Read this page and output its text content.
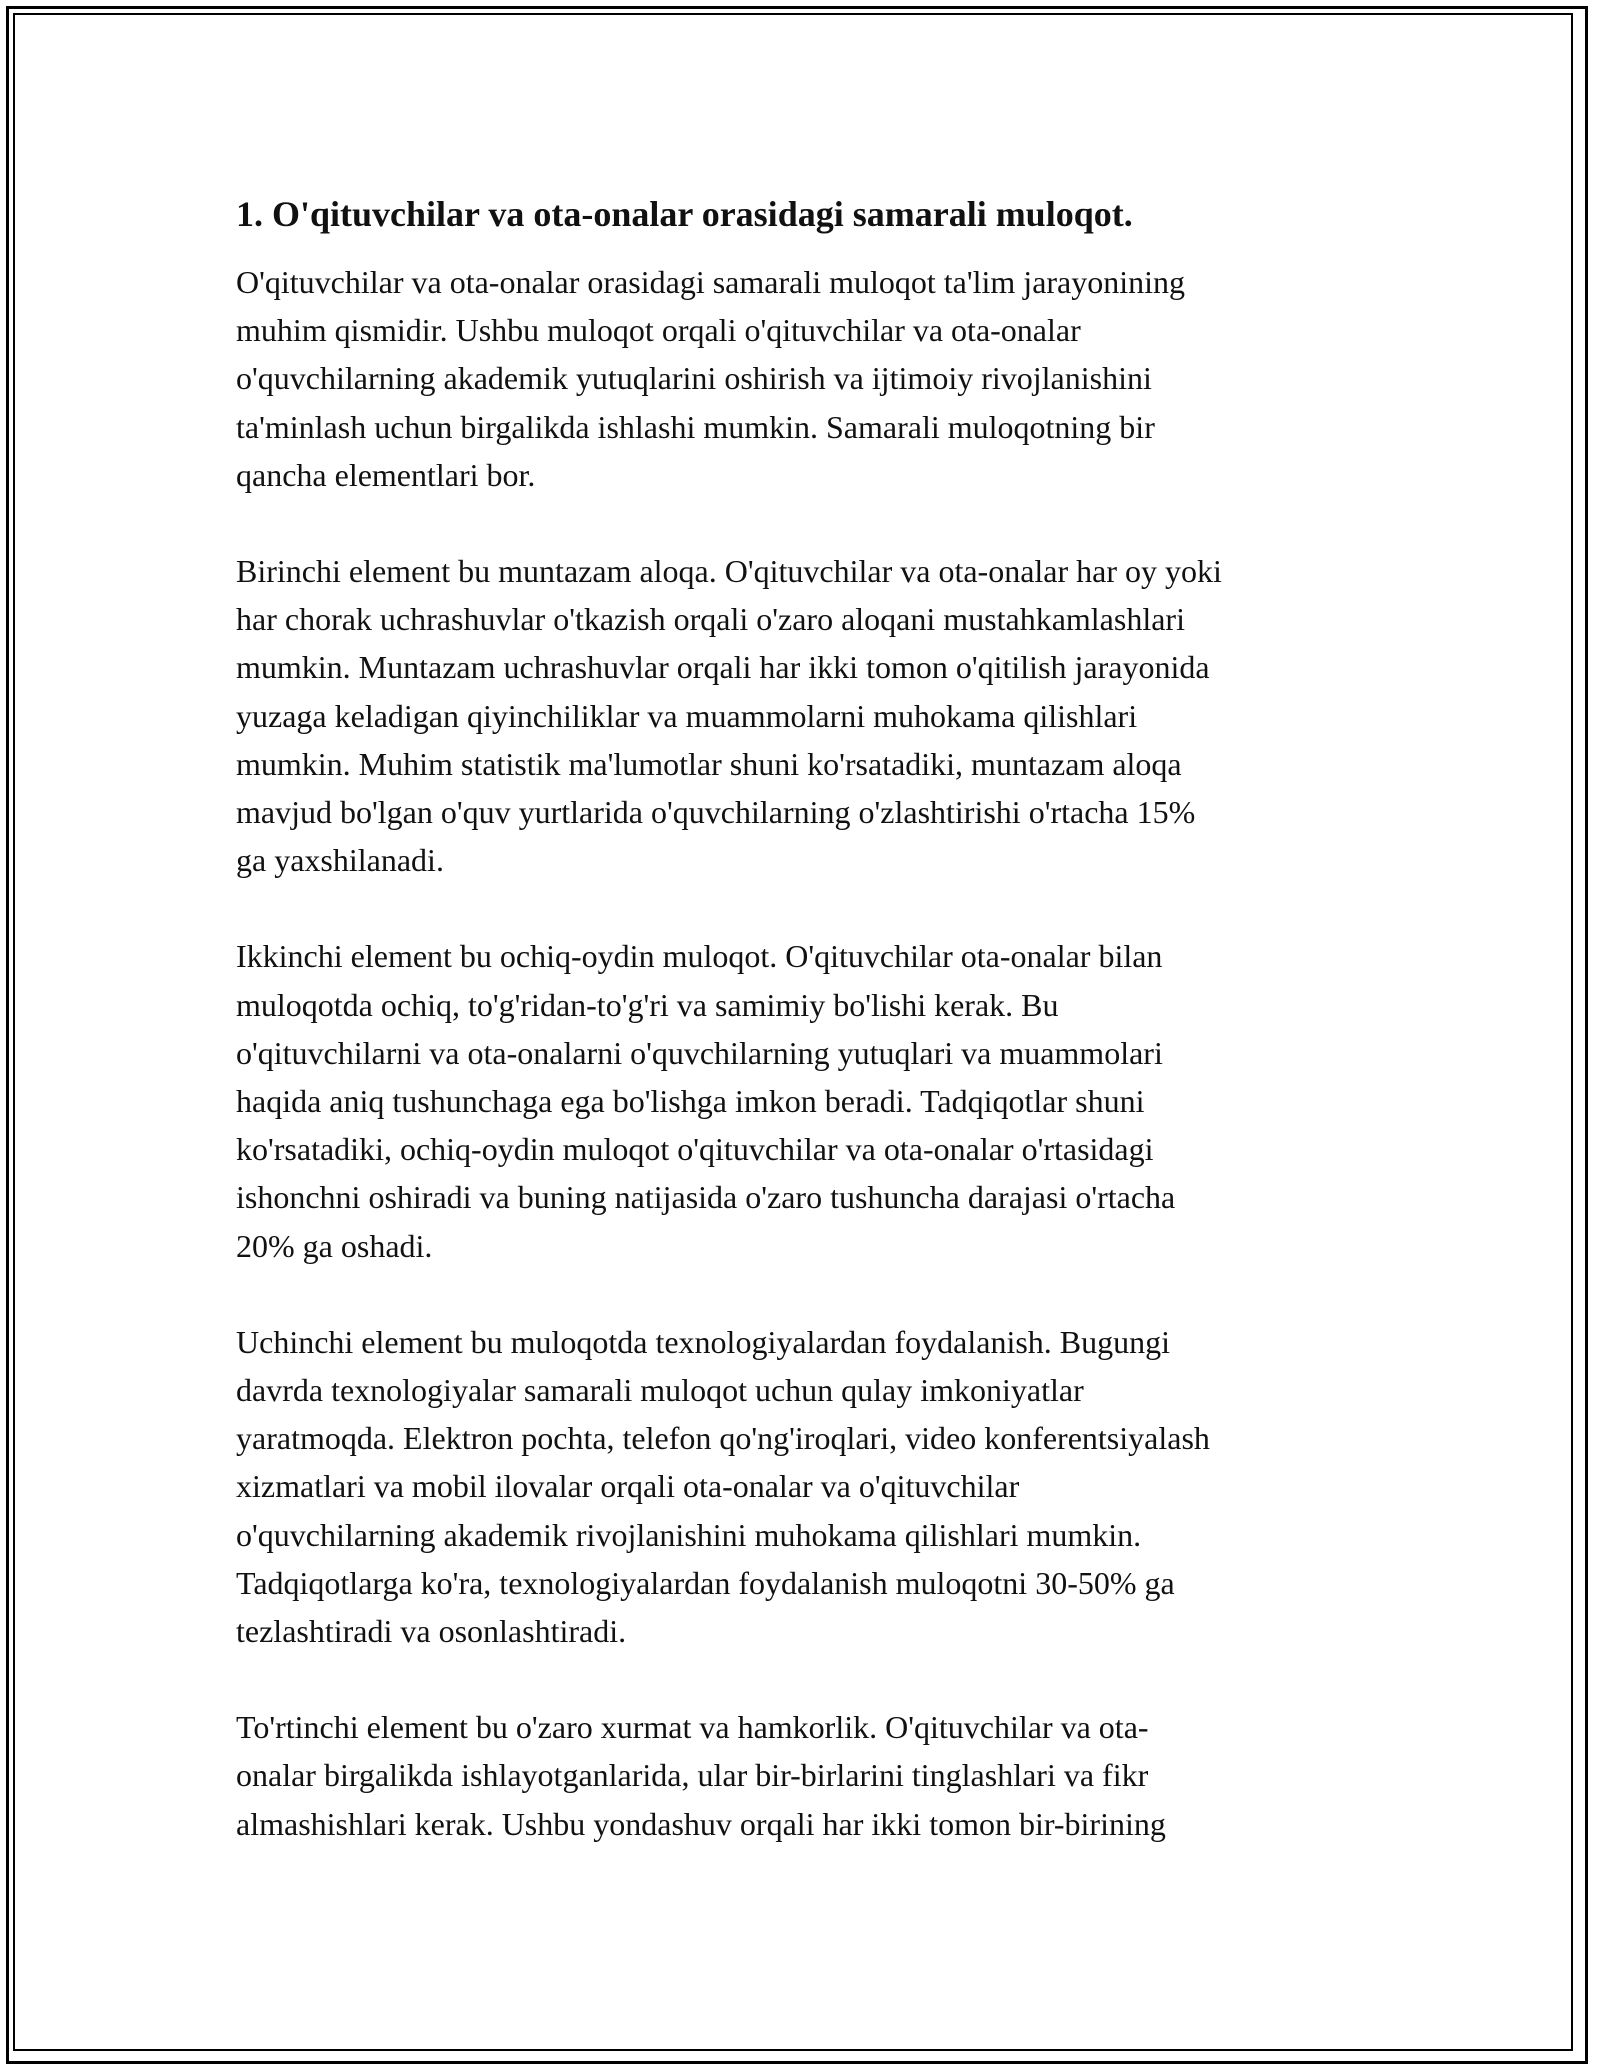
1. O'qituvchilar va ota-onalar orasidagi samarali muloqot.

O'qituvchilar va ota-onalar orasidagi samarali muloqot ta'lim jarayonining
muhim qismidir. Ushbu muloqot orqali o'qituvchilar va ota-onalar
o'quvchilarning akademik yutuqlarini oshirish va ijtimoiy rivojlanishini
ta'minlash uchun birgalikda ishlashi mumkin. Samarali muloqotning bir
qancha elementlari bor.

Birinchi element bu muntazam aloqa. O'qituvchilar va ota-onalar har oy yoki
har chorak uchrashuvlar o'tkazish orqali o'zaro aloqani mustahkamlashlari
mumkin. Muntazam uchrashuvlar orqali har ikki tomon o'qitilish jarayonida
yuzaga keladigan qiyinchiliklar va muammolarni muhokama qilishlari
mumkin. Muhim statistik ma'lumotlar shuni ko'rsatadiki, muntazam aloqa
mavjud bo'lgan o'quv yurtlarida o'quvchilarning o'zlashtirishi o'rtacha 15%
ga yaxshilanadi.

Ikkinchi element bu ochiq-oydin muloqot. O'qituvchilar ota-onalar bilan
muloqotda ochiq, to'g'ridan-to'g'ri va samimiy bo'lishi kerak. Bu
o'qituvchilarni va ota-onalarni o'quvchilarning yutuqlari va muammolari
haqida aniq tushunchaga ega bo'lishga imkon beradi. Tadqiqotlar shuni
ko'rsatadiki, ochiq-oydin muloqot o'qituvchilar va ota-onalar o'rtasidagi
ishonchni oshiradi va buning natijasida o'zaro tushuncha darajasi o'rtacha
20% ga oshadi.

Uchinchi element bu muloqotda texnologiyalardan foydalanish. Bugungi
davrda texnologiyalar samarali muloqot uchun qulay imkoniyatlar
yaratmoqda. Elektron pochta, telefon qo'ng'iroqlari, video konferentsiyalash
xizmatlari va mobil ilovalar orqali ota-onalar va o'qituvchilar
o'quvchilarning akademik rivojlanishini muhokama qilishlari mumkin.
Tadqiqotlarga ko'ra, texnologiyalardan foydalanish muloqotni 30-50% ga
tezlashtiradi va osonlashtiradi.

To'rtinchi element bu o'zaro xurmat va hamkorlik. O'qituvchilar va ota-
onalar birgalikda ishlayotganlarida, ular bir-birlarini tinglashlari va fikr
almashishlari kerak. Ushbu yondashuv orqali har ikki tomon bir-birining
